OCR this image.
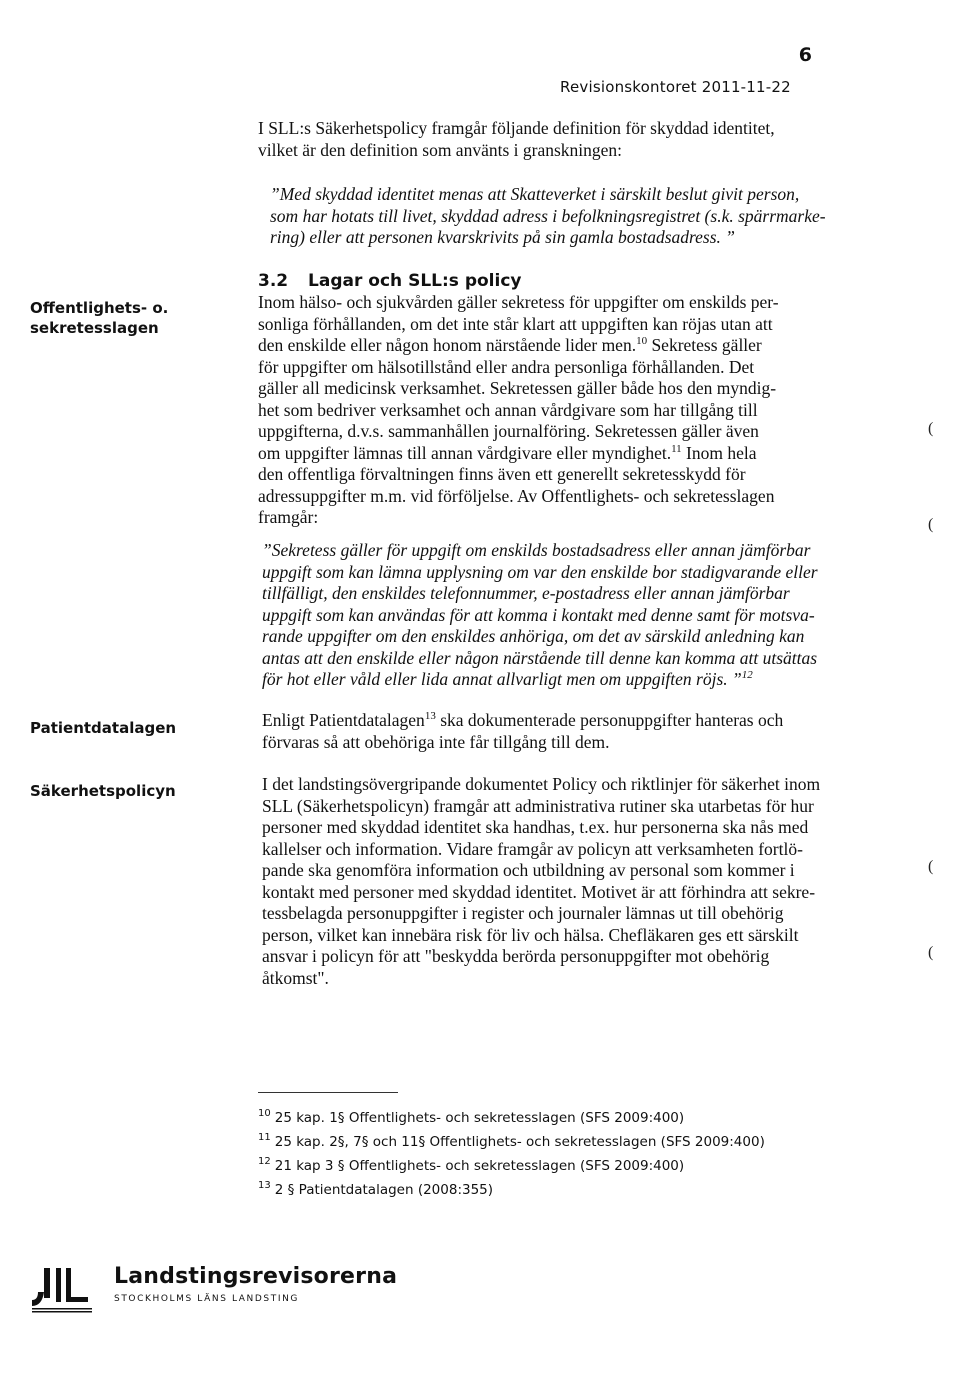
6
Revisionskontoret 2011-11-22
I SLL:s Säkerhetspolicy framgår följande definition för skyddad identitet,
vilket är den definition som använts i granskningen:
”Med skyddad identitet menas att Skatteverket i särskilt beslut givit person,
som har hotats till livet, skyddad adress i befolkningsregistret (s.k. spärrmarke-
ring) eller att personen kvarskrivits på sin gamla bostadsadress. ”
Offentlighets- o.
sekretesslagen
Patientdatalagen
Säkerhetspolicyn
3.2 Lagar och SLL:s policy
Inom hälso- och sjukvården gäller sekretess för uppgifter om enskilds per-
sonliga förhållanden, om det inte står klart att uppgiften kan röjas utan att
den enskilde eller någon honom närstående lider men.$^{10}$ Sekretess gäller
för uppgifter om hälsotillstånd eller andra personliga förhållanden. Det
gäller all medicinsk verksamhet. Sekretessen gäller både hos den myndig-
het som bedriver verksamhet och annan vårdgivare som har tillgång till
uppgifterna, d.v.s. sammanhållen journalföring. Sekretessen gäller även
om uppgifter lämnas till annan vårdgivare eller myndighet.$^{11}$ Inom hela
den offentliga förvaltningen finns även ett generellt sekretesskydd för
adressuppgifter m.m. vid förföljelse. Av Offentlighets- och sekretesslagen
framgår:
”Sekretess gäller för uppgift om enskilds bostadsadress eller annan jämförbar
uppgift som kan lämna upplysning om var den enskilde bor stadigvarande eller
tillfälligt, den enskildes telefonnummer, e-postadress eller annan jämförbar
uppgift som kan användas för att komma i kontakt med denne samt för motsva-
rande uppgifter om den enskildes anhöriga, om det av särskild anledning kan
antas att den enskilde eller någon närstående till denne kan komma att utsättas
för hot eller våld eller lida annat allvarligt men om uppgiften röjs. ”$^{12}$
Enligt Patientdatalagen$^{13}$ ska dokumenterade personuppgifter hanteras och
förvaras så att obehöriga inte får tillgång till dem.
I det landstingsövergripande dokumentet Policy och riktlinjer för säkerhet inom
SLL (Säkerhetspolicyn) framgår att administrativa rutiner ska utarbetas för hur
personer med skyddad identitet ska handhas, t.ex. hur personerna ska nås med
kallelser och information. Vidare framgår av policyn att verksamheten fortlö-
pande ska genomföra information och utbildning av personal som kommer i
kontakt med personer med skyddad identitet. Motivet är att förhindra att sekre-
tessbelagda personuppgifter i register och journaler lämnas ut till obehörig
person, vilket kan innebära risk för liv och hälsa. Chefläkaren ges ett särskilt
ansvar i policyn för att "beskydda berörda personuppgifter mot obehörig
åtkomst".
(
(
(
(
$^{10}$ 25 kap. 1§ Offentlighets- och sekretesslagen (SFS 2009:400)
$^{11}$ 25 kap. 2§, 7§ och 11§ Offentlighets- och sekretesslagen (SFS 2009:400)
$^{12}$ 21 kap 3 § Offentlighets- och sekretesslagen (SFS 2009:400)
$^{13}$ 2 § Patientdatalagen (2008:355)
Landstingsrevisorerna
STOCKHOLMS LÄNS LANDSTING
